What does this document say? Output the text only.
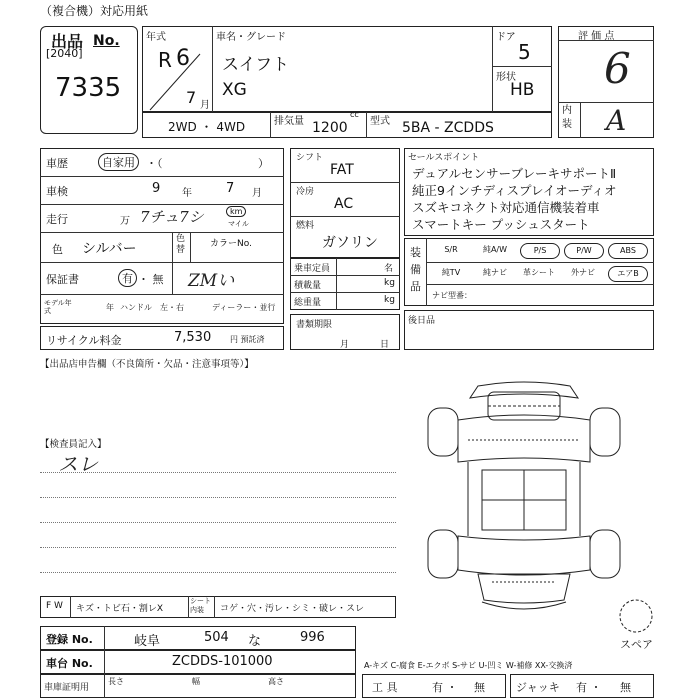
（複合機）対応用紙
出品 No.
[2040]
7335
年式
R 6
7 月
車名・グレード
スイフト
XG
ドア
5
形状
HB
評 価 点
6
内装 A
2WD ・ 4WD	排気量
cc
1200 型式 5BA - ZCDDS
車歴	自家用	・（	）
車検	9 年	7 月
走行	万 7チュ7シ	km
マイル
色 シルバー
色替
カラーNo.
保証書	有 ・ 無 ZMい
モデル年式	年 ハンドル 左・右	ディーラー・並行
リサイクル料金	7,530 円 預託済
シフト
FAT
冷房
AC
燃料
ガソリン
乗車定員	名
積載量	kg
総重量	kg
書類期限
月	日
セールスポイント
デュアルセンサーブレーキサポートⅡ
純正9インチディスプレイオーディオ
スズキコネクト対応通信機装着車
スマートキー プッシュスタート
装備品
S/R	純A/W	P/S	P/W	ABS
純TV	純ナビ	革シート	外ナビ	エアB
ナビ型番：
後日品
【出品店申告欄（不良箇所・欠品・注意事項等）】
【検査員記入】
スレ
スペア
F W キズ・トビ石・割レX
シート内装	コゲ・穴・汚レ・シミ・破レ・スレ
登録 No.	岐阜	504 な	996
車台 No.	ZCDDS-101000
車庫証明用
長さ	幅	高さ
A-キズ C-腐食 E-エクボ S-サビ U-凹ミ W-補修 XX-交換済
工 具	有 ・ 無	ジャッキ 有 ・ 無
